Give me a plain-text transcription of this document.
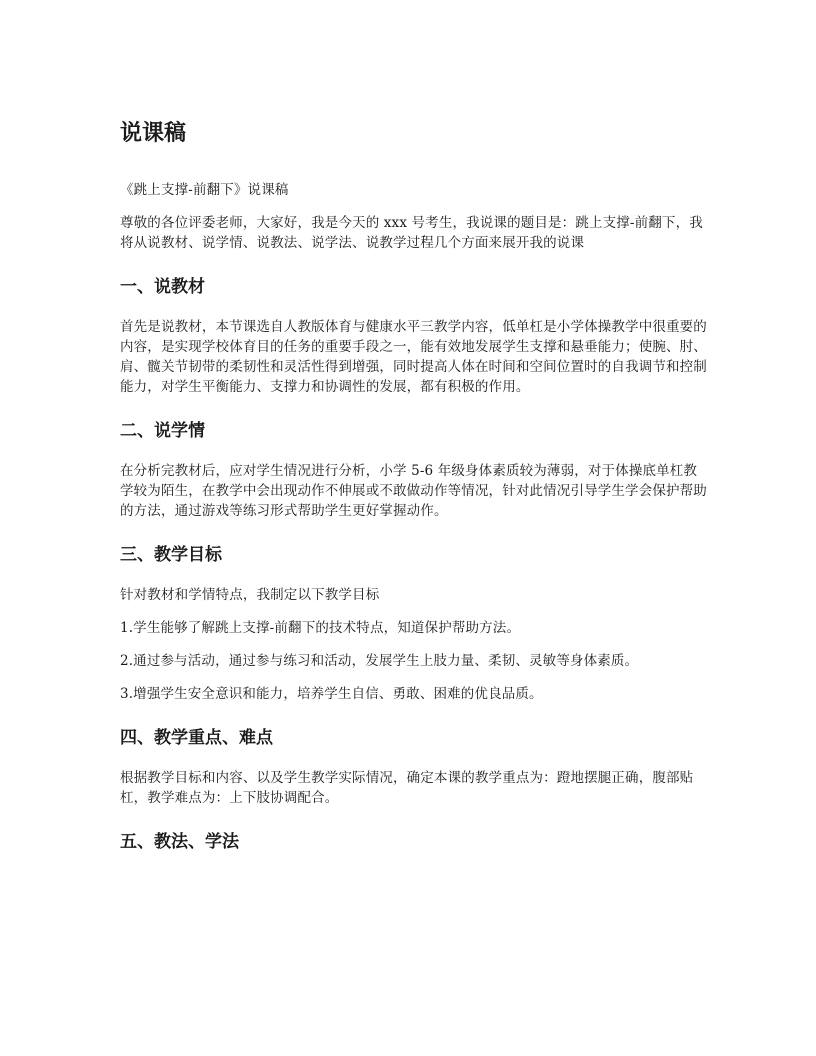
说课稿

《跳上支撑-前翻下》说课稿

尊敬的各位评委老师，大家好，我是今天的 xxx 号考生，我说课的题目是：跳上支撑-前翻下，我将从说教材、说学情、说教法、说学法、说教学过程几个方面来展开我的说课

一、说教材

首先是说教材，本节课选自人教版体育与健康水平三教学内容，低单杠是小学体操教学中很重要的内容，是实现学校体育目的任务的重要手段之一，能有效地发展学生支撑和悬垂能力；使腕、肘、肩、髋关节韧带的柔韧性和灵活性得到增强，同时提高人体在时间和空间位置时的自我调节和控制能力，对学生平衡能力、支撑力和协调性的发展，都有积极的作用。

二、说学情

在分析完教材后，应对学生情况进行分析，小学 5-6 年级身体素质较为薄弱，对于体操底单杠教学较为陌生，在教学中会出现动作不伸展或不敢做动作等情况，针对此情况引导学生学会保护帮助的方法，通过游戏等练习形式帮助学生更好掌握动作。

三、教学目标

针对教材和学情特点，我制定以下教学目标

1.学生能够了解跳上支撑-前翻下的技术特点，知道保护帮助方法。

2.通过参与活动，通过参与练习和活动，发展学生上肢力量、柔韧、灵敏等身体素质。

3.增强学生安全意识和能力，培养学生自信、勇敢、困难的优良品质。

四、教学重点、难点

根据教学目标和内容、以及学生教学实际情况，确定本课的教学重点为：蹬地摆腿正确，腹部贴杠，教学难点为：上下肢协调配合。

五、教法、学法
